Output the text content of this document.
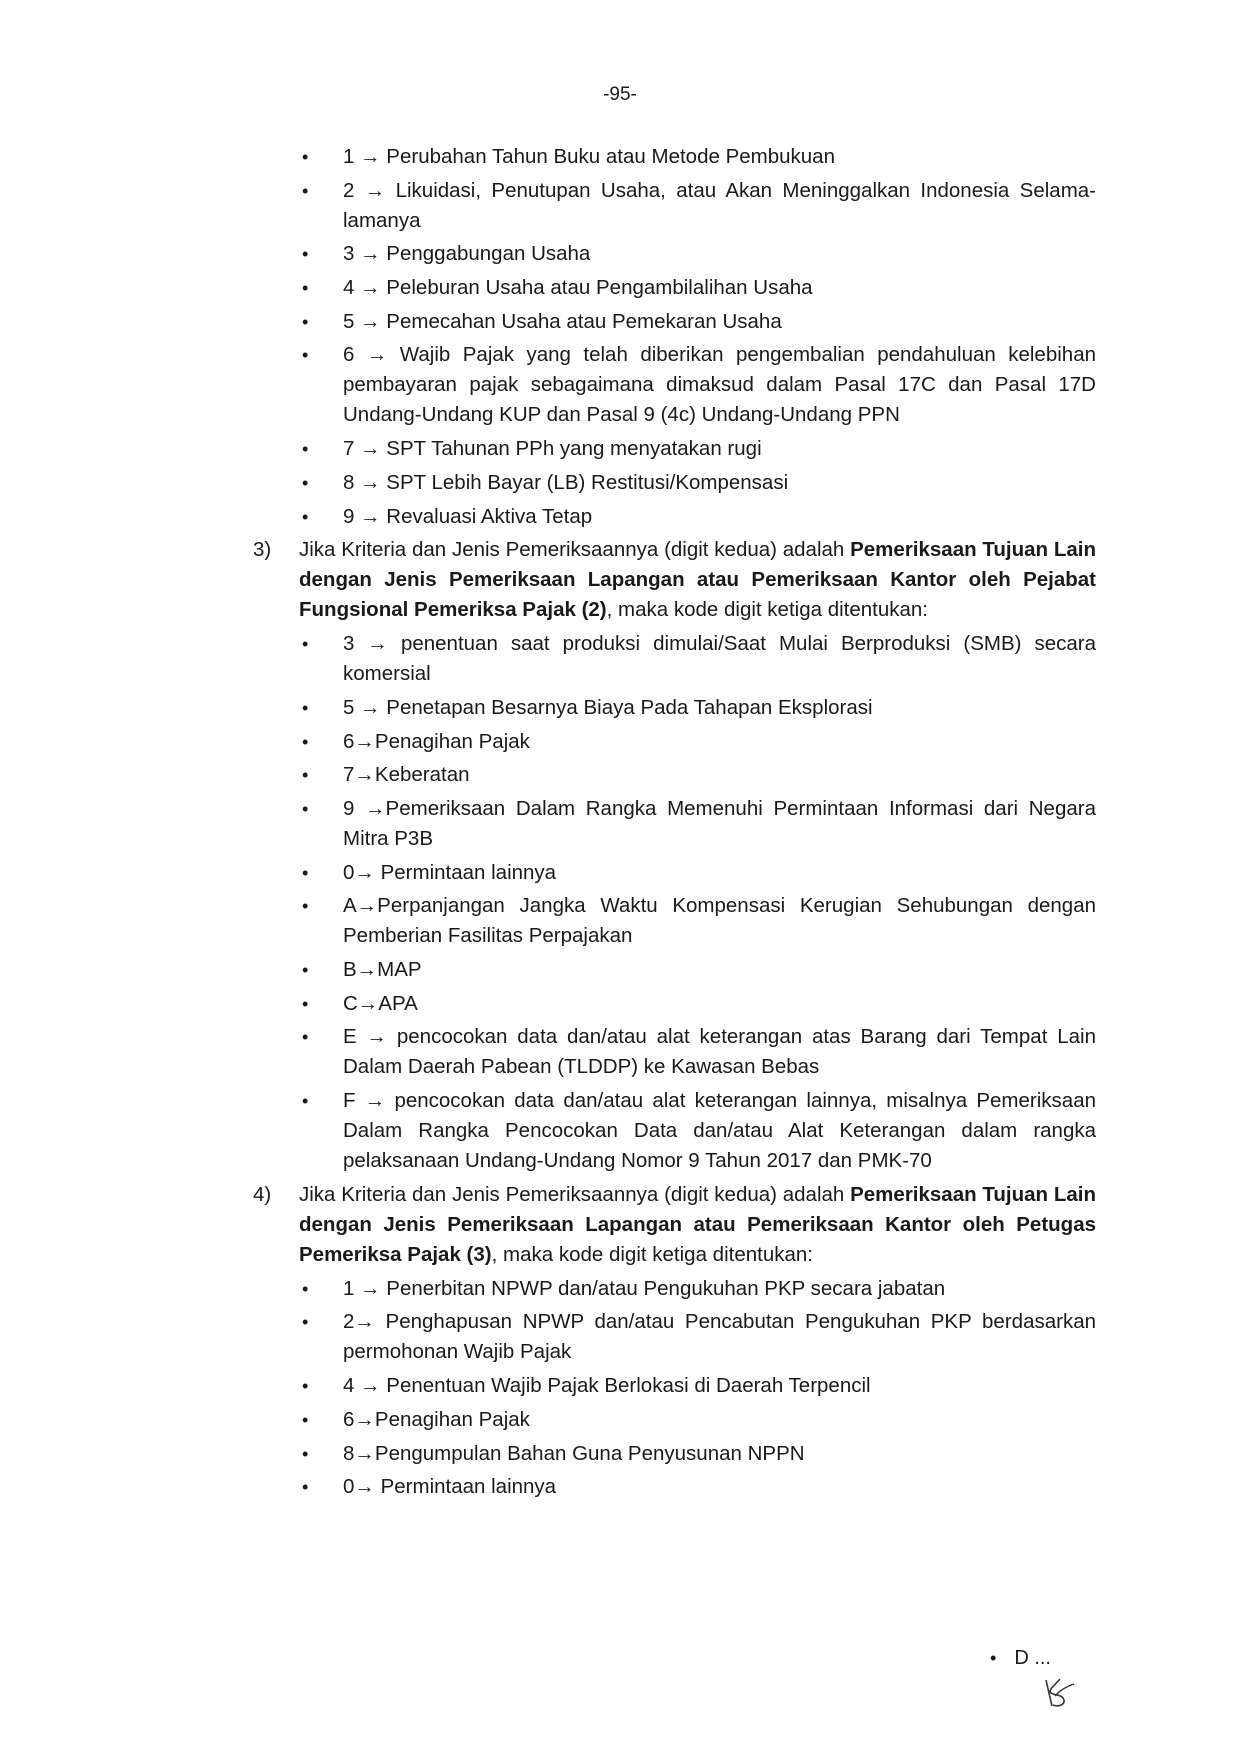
-95-
• 1 → Perubahan Tahun Buku atau Metode Pembukuan
• 2 → Likuidasi, Penutupan Usaha, atau Akan Meninggalkan Indonesia Selama-lamanya
• 3 → Penggabungan Usaha
• 4 → Peleburan Usaha atau Pengambilalihan Usaha
• 5 → Pemecahan Usaha atau Pemekaran Usaha
• 6 → Wajib Pajak yang telah diberikan pengembalian pendahuluan kelebihan pembayaran pajak sebagaimana dimaksud dalam Pasal 17C dan Pasal 17D Undang-Undang KUP dan Pasal 9 (4c) Undang-Undang PPN
• 7 → SPT Tahunan PPh yang menyatakan rugi
• 8 → SPT Lebih Bayar (LB) Restitusi/Kompensasi
• 9 → Revaluasi Aktiva Tetap
3) Jika Kriteria dan Jenis Pemeriksaannya (digit kedua) adalah Pemeriksaan Tujuan Lain dengan Jenis Pemeriksaan Lapangan atau Pemeriksaan Kantor oleh Pejabat Fungsional Pemeriksa Pajak (2), maka kode digit ketiga ditentukan:
• 3 → penentuan saat produksi dimulai/Saat Mulai Berproduksi (SMB) secara komersial
• 5 → Penetapan Besarnya Biaya Pada Tahapan Eksplorasi
• 6→Penagihan Pajak
• 7→Keberatan
• 9 →Pemeriksaan Dalam Rangka Memenuhi Permintaan Informasi dari Negara Mitra P3B
• 0→ Permintaan lainnya
• A→Perpanjangan Jangka Waktu Kompensasi Kerugian Sehubungan dengan Pemberian Fasilitas Perpajakan
• B→MAP
• C→APA
• E → pencocokan data dan/atau alat keterangan atas Barang dari Tempat Lain Dalam Daerah Pabean (TLDDP) ke Kawasan Bebas
• F → pencocokan data dan/atau alat keterangan lainnya, misalnya Pemeriksaan Dalam Rangka Pencocokan Data dan/atau Alat Keterangan dalam rangka pelaksanaan Undang-Undang Nomor 9 Tahun 2017 dan PMK-70
4) Jika Kriteria dan Jenis Pemeriksaannya (digit kedua) adalah Pemeriksaan Tujuan Lain dengan Jenis Pemeriksaan Lapangan atau Pemeriksaan Kantor oleh Petugas Pemeriksa Pajak (3), maka kode digit ketiga ditentukan:
• 1 → Penerbitan NPWP dan/atau Pengukuhan PKP secara jabatan
• 2→ Penghapusan NPWP dan/atau Pencabutan Pengukuhan PKP berdasarkan permohonan Wajib Pajak
• 4 → Penentuan Wajib Pajak Berlokasi di Daerah Terpencil
• 6→Penagihan Pajak
• 8→Pengumpulan Bahan Guna Penyusunan NPPN
• 0→ Permintaan lainnya
• D ...
